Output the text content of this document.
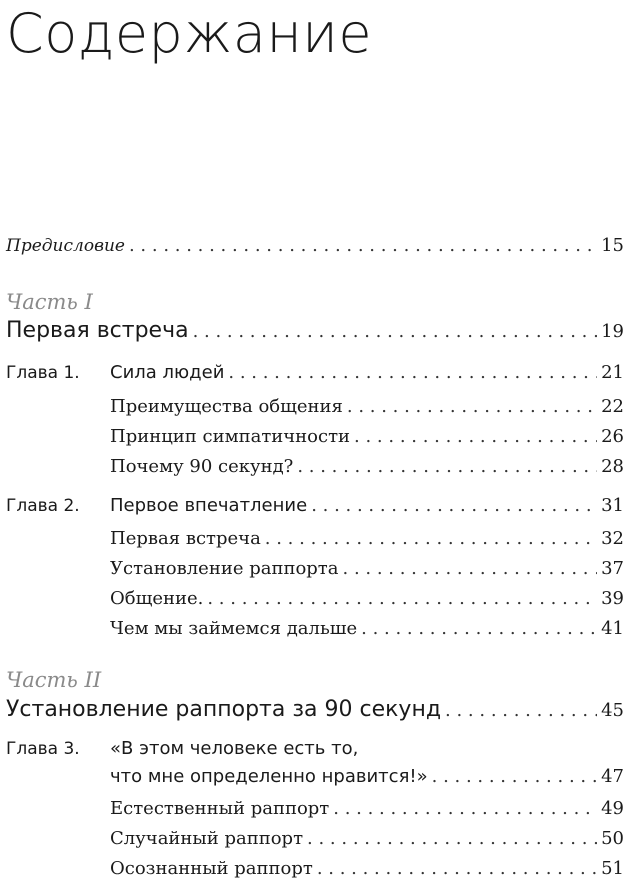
Содержание
Предисловие . . .	15
Часть I
Первая встреча . . .	19
Глава 1.	Сила людей . . .	21
Преимущества общения . . .	22
Принцип симпатичности . . .	26
Почему 90 секунд? . . .	28
Глава 2.	Первое впечатление . . .	31
Первая встреча . . .	32
Установление раппорта . . .	37
Общение. . . .	39
Чем мы займемся дальше . . .	41
Часть II
Установление раппорта за 90 секунд . . .	45
Глава 3.	«В этом человеке есть то,
что мне определенно нравится!» . . .	47
Естественный раппорт . . .	49
Случайный раппорт . . .	50
Осознанный раппорт . . .	51
